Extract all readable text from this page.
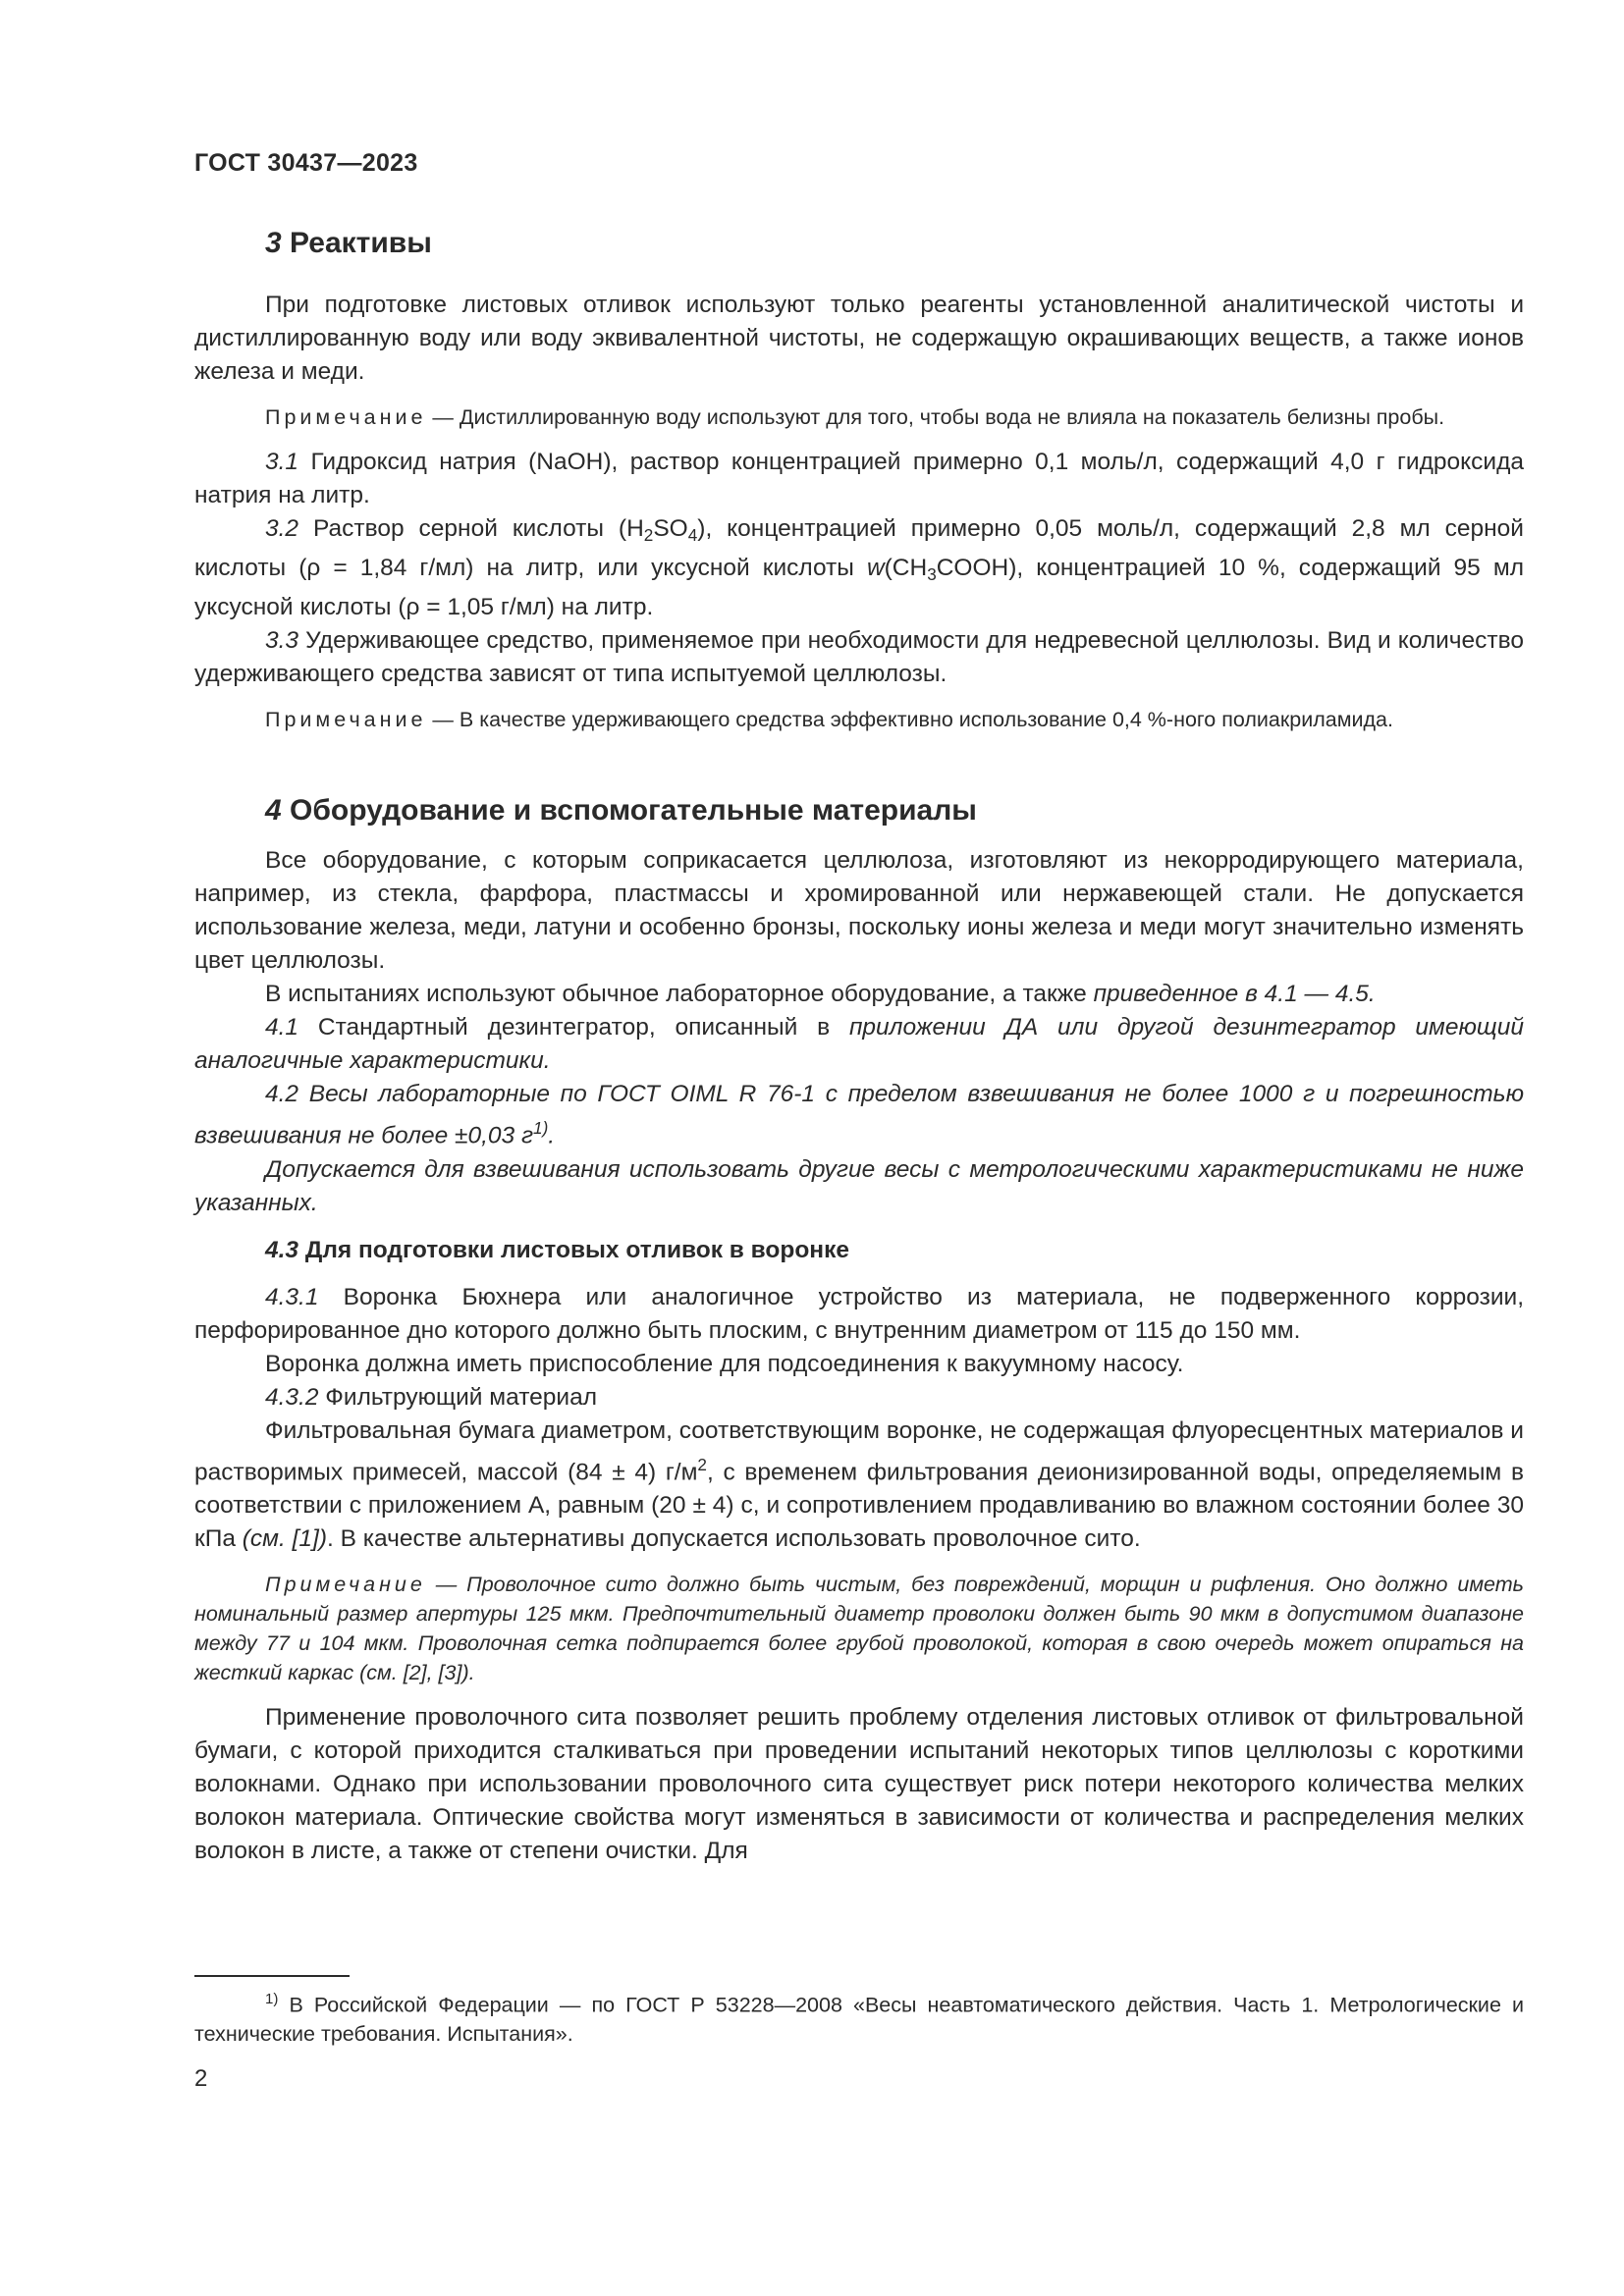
ГОСТ 30437—2023
3 Реактивы

При подготовке листовых отливок используют только реагенты установленной аналитической чистоты и дистиллированную воду или воду эквивалентной чистоты, не содержащую окрашивающих веществ, а также ионов железа и меди.

Примечание — Дистиллированную воду используют для того, чтобы вода не влияла на показатель белизны пробы.

3.1 Гидроксид натрия (NaOH), раствор концентрацией примерно 0,1 моль/л, содержащий 4,0 г гидроксида натрия на литр.

3.2 Раствор серной кислоты $(H_2SO_4)$, концентрацией примерно 0,05 моль/л, содержащий 2,8 мл серной кислоты (ρ = 1,84 г/мл) на литр, или уксусной кислоты $w(CH_3COOH)$, концентрацией 10 %, содержащий 95 мл уксусной кислоты (ρ = 1,05 г/мл) на литр.

3.3 Удерживающее средство, применяемое при необходимости для недревесной целлюлозы. Вид и количество удерживающего средства зависят от типа испытуемой целлюлозы.

Примечание — В качестве удерживающего средства эффективно использование 0,4 %-ного полиакриламида.

4 Оборудование и вспомогательные материалы

Все оборудование, с которым соприкасается целлюлоза, изготовляют из некорродирующего материала, например, из стекла, фарфора, пластмассы и хромированной или нержавеющей стали. Не допускается использование железа, меди, латуни и особенно бронзы, поскольку ионы железа и меди могут значительно изменять цвет целлюлозы.

В испытаниях используют обычное лабораторное оборудование, а также приведенное в 4.1 — 4.5.

4.1 Стандартный дезинтегратор, описанный в приложении ДА или другой дезинтегратор имеющий аналогичные характеристики.

4.2 Весы лабораторные по ГОСТ OIML R 76-1 с пределом взвешивания не более 1000 г и погрешностью взвешивания не более ±0,03 $г^{1)}$.

Допускается для взвешивания использовать другие весы с метрологическими характеристиками не ниже указанных.

4.3 Для подготовки листовых отливок в воронке

4.3.1 Воронка Бюхнера или аналогичное устройство из материала, не подверженного коррозии, перфорированное дно которого должно быть плоским, с внутренним диаметром от 115 до 150 мм.

Воронка должна иметь приспособление для подсоединения к вакуумному насосу.

4.3.2 Фильтрующий материал

Фильтровальная бумага диаметром, соответствующим воронке, не содержащая флуоресцентных материалов и растворимых примесей, массой (84 ± 4) $г/м^2$, с временем фильтрования деионизированной воды, определяемым в соответствии с приложением А, равным (20 ± 4) с, и сопротивлением продавливанию во влажном состоянии более 30 кПа (см. [1]). В качестве альтернативы допускается использовать проволочное сито.

Примечание — Проволочное сито должно быть чистым, без повреждений, морщин и рифления. Оно должно иметь номинальный размер апертуры 125 мкм. Предпочтительный диаметр проволоки должен быть 90 мкм в допустимом диапазоне между 77 и 104 мкм. Проволочная сетка подпирается более грубой проволокой, которая в свою очередь может опираться на жесткий каркас (см. [2], [3]).

Применение проволочного сита позволяет решить проблему отделения листовых отливок от фильтровальной бумаги, с которой приходится сталкиваться при проведении испытаний некоторых типов целлюлозы с короткими волокнами. Однако при использовании проволочного сита существует риск потери некоторого количества мелких волокон материала. Оптические свойства могут изменяться в зависимости от количества и распределения мелких волокон в листе, а также от степени очистки. Для

$^{1)}$ В Российской Федерации — по ГОСТ Р 53228—2008 «Весы неавтоматического действия. Часть 1. Метрологические и технические требования. Испытания».
2
